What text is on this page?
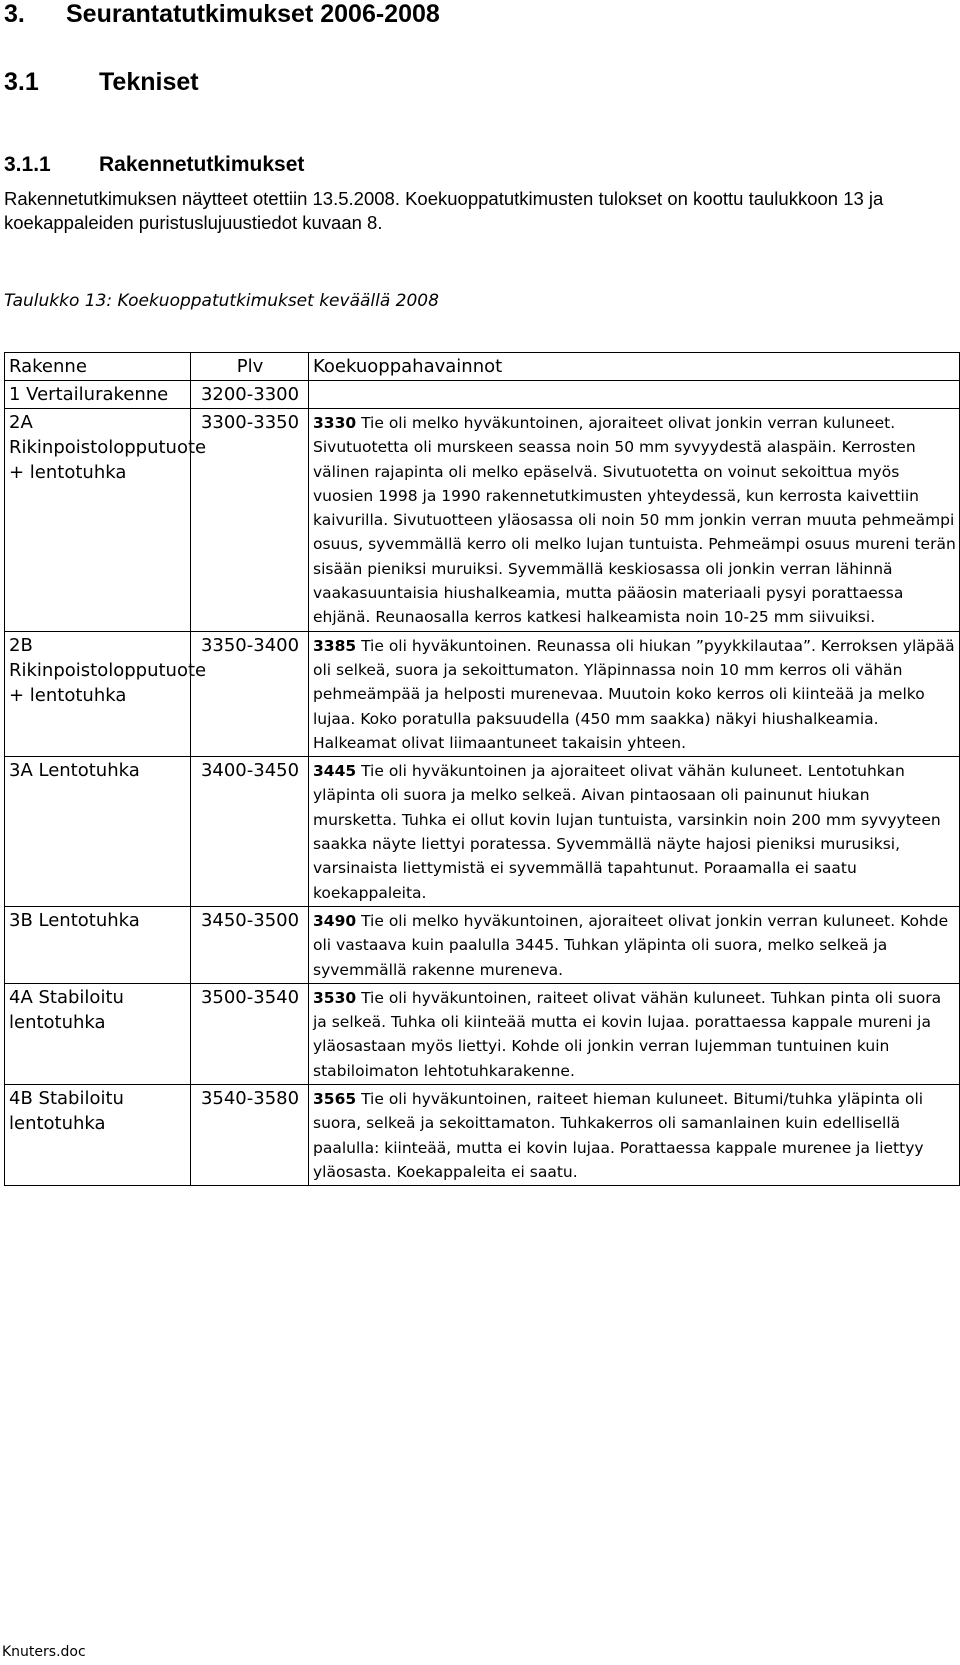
3. Seurantatutkimukset 2006-2008
3.1 Tekniset
3.1.1 Rakennetutkimukset

Rakennetutkimuksen näytteet otettiin 13.5.2008. Koekuoppatutkimusten tulokset on koottu taulukkoon 13 ja koekappaleiden puristuslujuustiedot kuvaan 8.

Taulukko 13: Koekuoppatutkimukset keväällä 2008

Rakenne	Plv	Koekuoppahavainnot
1 Vertailurakenne	3200-3300	
2A Rikinpoistolopputuote + lentotuhka	3300-3350	3330 Tie oli melko hyväkuntoinen, ajoraiteet olivat jonkin verran kuluneet. Sivutuotetta oli murskeen seassa noin 50 mm syvyydestä alaspäin. Kerrosten välinen rajapinta oli melko epäselvä. Sivutuotetta on voinut sekoittua myös vuosien 1998 ja 1990 rakennetutkimusten yhteydessä, kun kerrosta kaivettiin kaivurilla. Sivutuotteen yläosassa oli noin 50 mm jonkin verran muuta pehmeämpi osuus, syvemmällä kerro oli melko lujan tuntuista. Pehmeämpi osuus mureni terän sisään pieniksi muruiksi. Syvemmällä keskiosassa oli jonkin verran lähinnä vaakasuuntaisia hiushalkeamia, mutta pääosin materiaali pysyi porattaessa ehjänä. Reunaosalla kerros katkesi halkeamista noin 10-25 mm siivuiksi.
2B Rikinpoistolopputuote + lentotuhka	3350-3400	3385 Tie oli hyväkuntoinen. Reunassa oli hiukan ”pyykkilautaa”. Kerroksen yläpää oli selkeä, suora ja sekoittumaton. Yläpinnassa noin 10 mm kerros oli vähän pehmeämpää ja helposti murenevaa. Muutoin koko kerros oli kiinteää ja melko lujaa. Koko poratulla paksuudella (450 mm saakka) näkyi hiushalkeamia. Halkeamat olivat liimaantuneet takaisin yhteen.
3A Lentotuhka	3400-3450	3445 Tie oli hyväkuntoinen ja ajoraiteet olivat vähän kuluneet. Lentotuhkan yläpinta oli suora ja melko selkeä. Aivan pintaosaan oli painunut hiukan mursketta. Tuhka ei ollut kovin lujan tuntuista, varsinkin noin 200 mm syvyyteen saakka näyte liettyi poratessa. Syvemmällä näyte hajosi pieniksi murusiksi, varsinaista liettymistä ei syvemmällä tapahtunut. Poraamalla ei saatu koekappaleita.
3B Lentotuhka	3450-3500	3490 Tie oli melko hyväkuntoinen, ajoraiteet olivat jonkin verran kuluneet. Kohde oli vastaava kuin paalulla 3445. Tuhkan yläpinta oli suora, melko selkeä ja syvemmällä rakenne mureneva.
4A Stabiloitu lentotuhka	3500-3540	3530 Tie oli hyväkuntoinen, raiteet olivat vähän kuluneet. Tuhkan pinta oli suora ja selkeä. Tuhka oli kiinteää mutta ei kovin lujaa. porattaessa kappale mureni ja yläosastaan myös liettyi. Kohde oli jonkin verran lujemman tuntuinen kuin stabiloimaton lehtotuhkarakenne.
4B Stabiloitu lentotuhka	3540-3580	3565 Tie oli hyväkuntoinen, raiteet hieman kuluneet. Bitumi/tuhka yläpinta oli suora, selkeä ja sekoittamaton. Tuhkakerros oli samanlainen kuin edellisellä paalulla: kiinteää, mutta ei kovin lujaa. Porattaessa kappale murenee ja liettyy yläosasta. Koekappaleita ei saatu.
Knuters.doc
